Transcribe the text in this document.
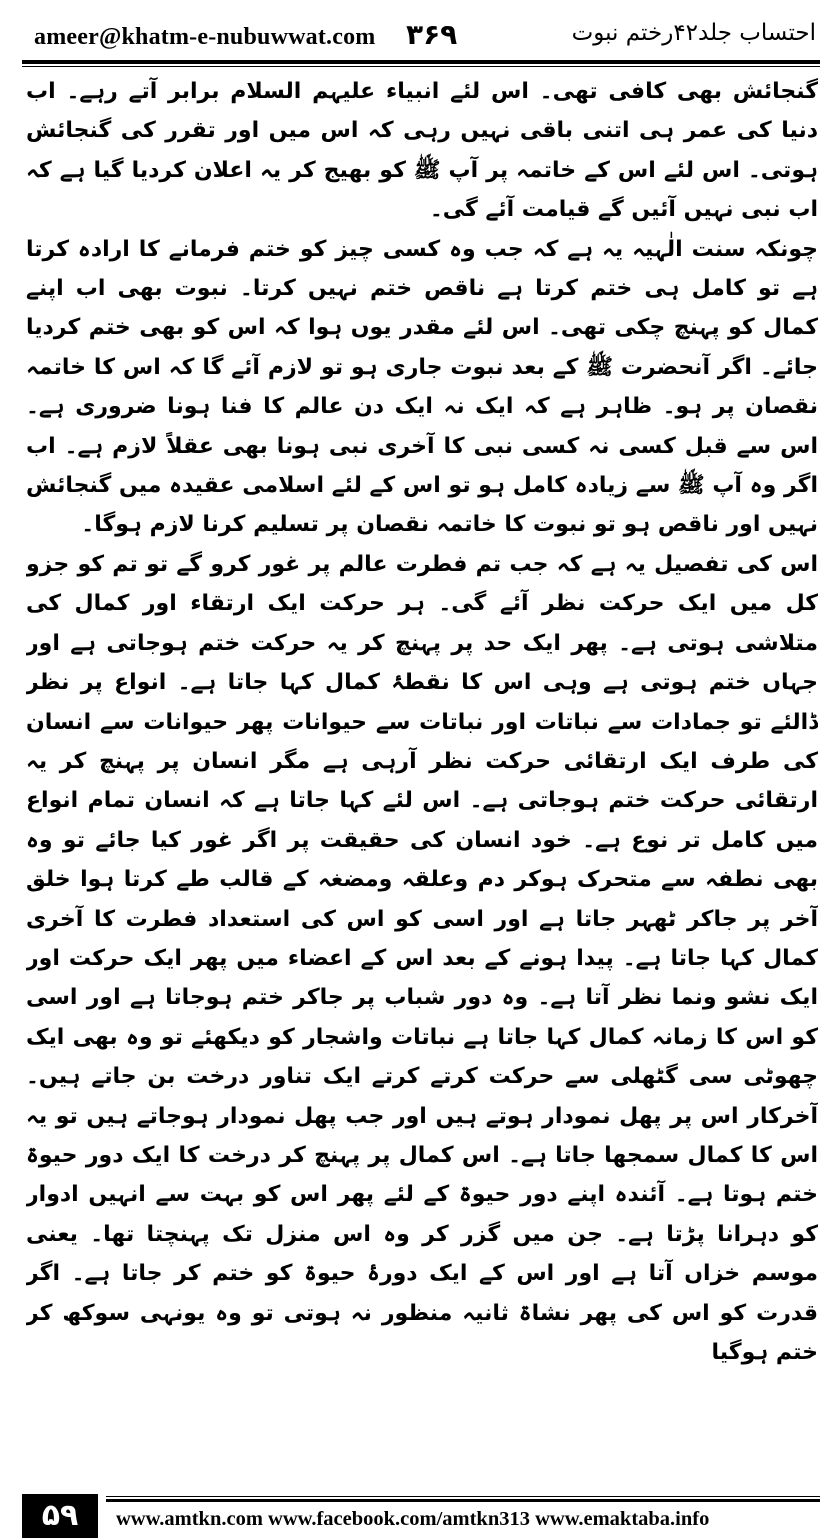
ameer@khatm-e-nubuwwat.com ۳۶۹	احتساب جلد۴۲رختم نبوت

گنجائش بھی کافی تھی۔ اس لئے انبیاء علیہم السلام برابر آتے رہے۔ اب دنیا کی عمر ہی اتنی باقی نہیں رہی کہ اس میں اور تقرر کی گنجائش ہوتی۔ اس لئے اس کے خاتمہ پر آپ ﷺ کو بھیج کر یہ اعلان کردیا گیا ہے کہ اب نبی نہیں آئیں گے قیامت آئے گی۔

چونکہ سنت الٰہیہ یہ ہے کہ جب وہ کسی چیز کو ختم فرمانے کا ارادہ کرتا ہے تو کامل ہی ختم کرتا ہے ناقص ختم نہیں کرتا۔ نبوت بھی اب اپنے کمال کو پہنچ چکی تھی۔ اس لئے مقدر یوں ہوا کہ اس کو بھی ختم کردیا جائے۔ اگر آنحضرت ﷺ کے بعد نبوت جاری ہو تو لازم آئے گا کہ اس کا خاتمہ نقصان پر ہو۔ ظاہر ہے کہ ایک نہ ایک دن عالم کا فنا ہونا ضروری ہے۔ اس سے قبل کسی نہ کسی نبی کا آخری نبی ہونا بھی عقلاً لازم ہے۔ اب اگر وہ آپ ﷺ سے زیادہ کامل ہو تو اس کے لئے اسلامی عقیدہ میں گنجائش نہیں اور ناقص ہو تو نبوت کا خاتمہ نقصان پر تسلیم کرنا لازم ہوگا۔

اس کی تفصیل یہ ہے کہ جب تم فطرت عالم پر غور کرو گے تو تم کو جزو کل میں ایک حرکت نظر آئے گی۔ ہر حرکت ایک ارتقاء اور کمال کی متلاشی ہوتی ہے۔ پھر ایک حد پر پہنچ کر یہ حرکت ختم ہوجاتی ہے اور جہاں ختم ہوتی ہے وہی اس کا نقطۂ کمال کہا جاتا ہے۔ انواع پر نظر ڈالئے تو جمادات سے نباتات اور نباتات سے حیوانات پھر حیوانات سے انسان کی طرف ایک ارتقائی حرکت نظر آرہی ہے مگر انسان پر پہنچ کر یہ ارتقائی حرکت ختم ہوجاتی ہے۔ اس لئے کہا جاتا ہے کہ انسان تمام انواع میں کامل تر نوع ہے۔ خود انسان کی حقیقت پر اگر غور کیا جائے تو وہ بھی نطفہ سے متحرک ہوکر دم وعلقہ ومضغہ کے قالب طے کرتا ہوا خلق آخر پر جاکر ٹھہر جاتا ہے اور اسی کو اس کی استعداد فطرت کا آخری کمال کہا جاتا ہے۔ پیدا ہونے کے بعد اس کے اعضاء میں پھر ایک حرکت اور ایک نشو ونما نظر آتا ہے۔ وہ دور شباب پر جاکر ختم ہوجاتا ہے اور اسی کو اس کا زمانہ کمال کہا جاتا ہے نباتات واشجار کو دیکھئے تو وہ بھی ایک چھوٹی سی گٹھلی سے حرکت کرتے کرتے ایک تناور درخت بن جاتے ہیں۔ آخرکار اس پر پھل نمودار ہوتے ہیں اور جب پھل نمودار ہوجاتے ہیں تو یہ اس کا کمال سمجھا جاتا ہے۔ اس کمال پر پہنچ کر درخت کا ایک دور حیوۃ ختم ہوتا ہے۔ آئندہ اپنے دور حیوۃ کے لئے پھر اس کو بہت سے انہیں ادوار کو دہرانا پڑتا ہے۔ جن میں گزر کر وہ اس منزل تک پہنچتا تھا۔ یعنی موسم خزاں آتا ہے اور اس کے ایک دورۂ حیوۃ کو ختم کر جاتا ہے۔ اگر قدرت کو اس کی پھر نشاۃ ثانیہ منظور نہ ہوتی تو وہ یونہی سوکھ کر ختم ہوگیا

۵۹	www.amtkn.com www.facebook.com/amtkn313 www.emaktaba.info
